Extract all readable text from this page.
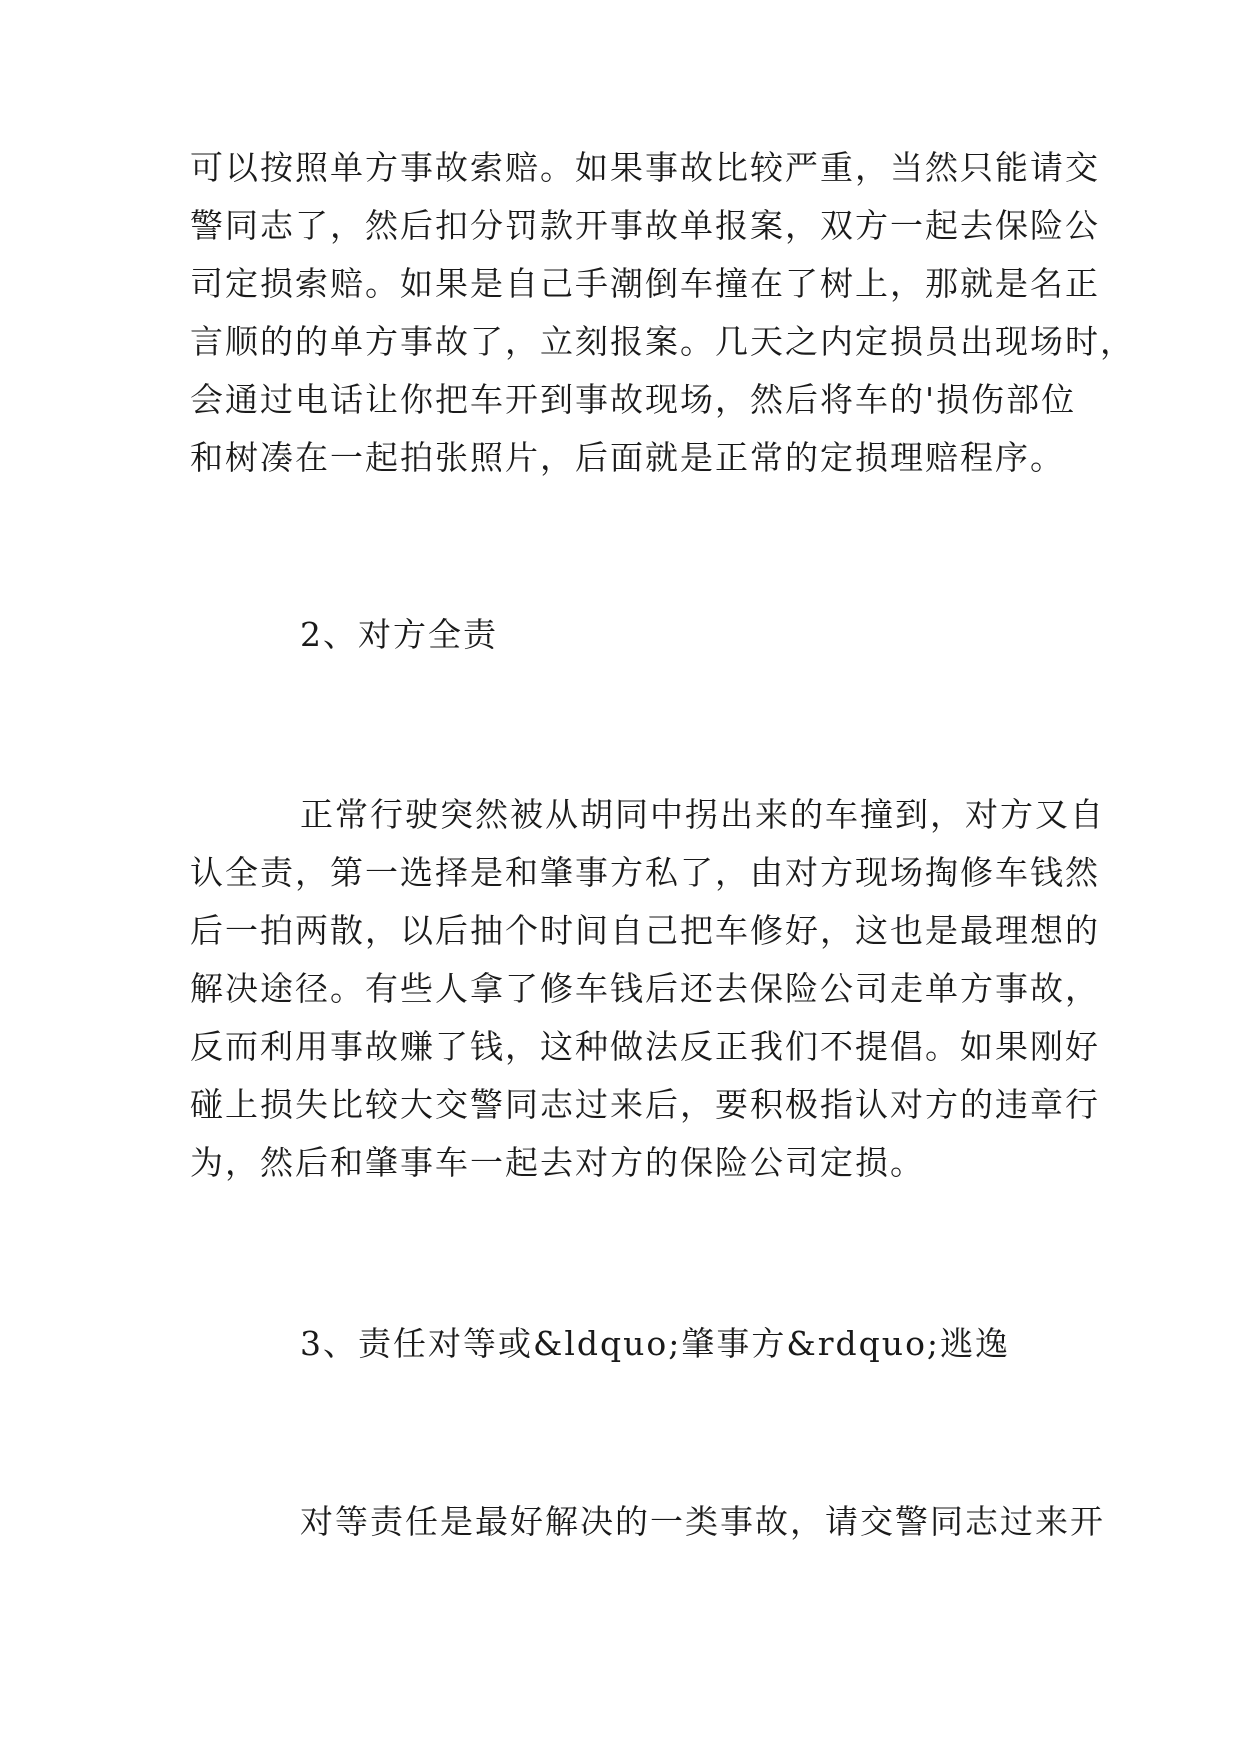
可以按照单方事故索赔。如果事故比较严重，当然只能请交
警同志了，然后扣分罚款开事故单报案，双方一起去保险公
司定损索赔。如果是自己手潮倒车撞在了树上，那就是名正
言顺的的单方事故了，立刻报案。几天之内定损员出现场时，
会通过电话让你把车开到事故现场，然后将车的'损伤部位
和树凑在一起拍张照片，后面就是正常的定损理赔程序。
2、对方全责
正常行驶突然被从胡同中拐出来的车撞到，对方又自
认全责，第一选择是和肇事方私了，由对方现场掏修车钱然
后一拍两散，以后抽个时间自己把车修好，这也是最理想的
解决途径。有些人拿了修车钱后还去保险公司走单方事故，
反而利用事故赚了钱，这种做法反正我们不提倡。如果刚好
碰上损失比较大交警同志过来后，要积极指认对方的违章行
为，然后和肇事车一起去对方的保险公司定损。
3、责任对等或&ldquo;肇事方&rdquo;逃逸
对等责任是最好解决的一类事故，请交警同志过来开
